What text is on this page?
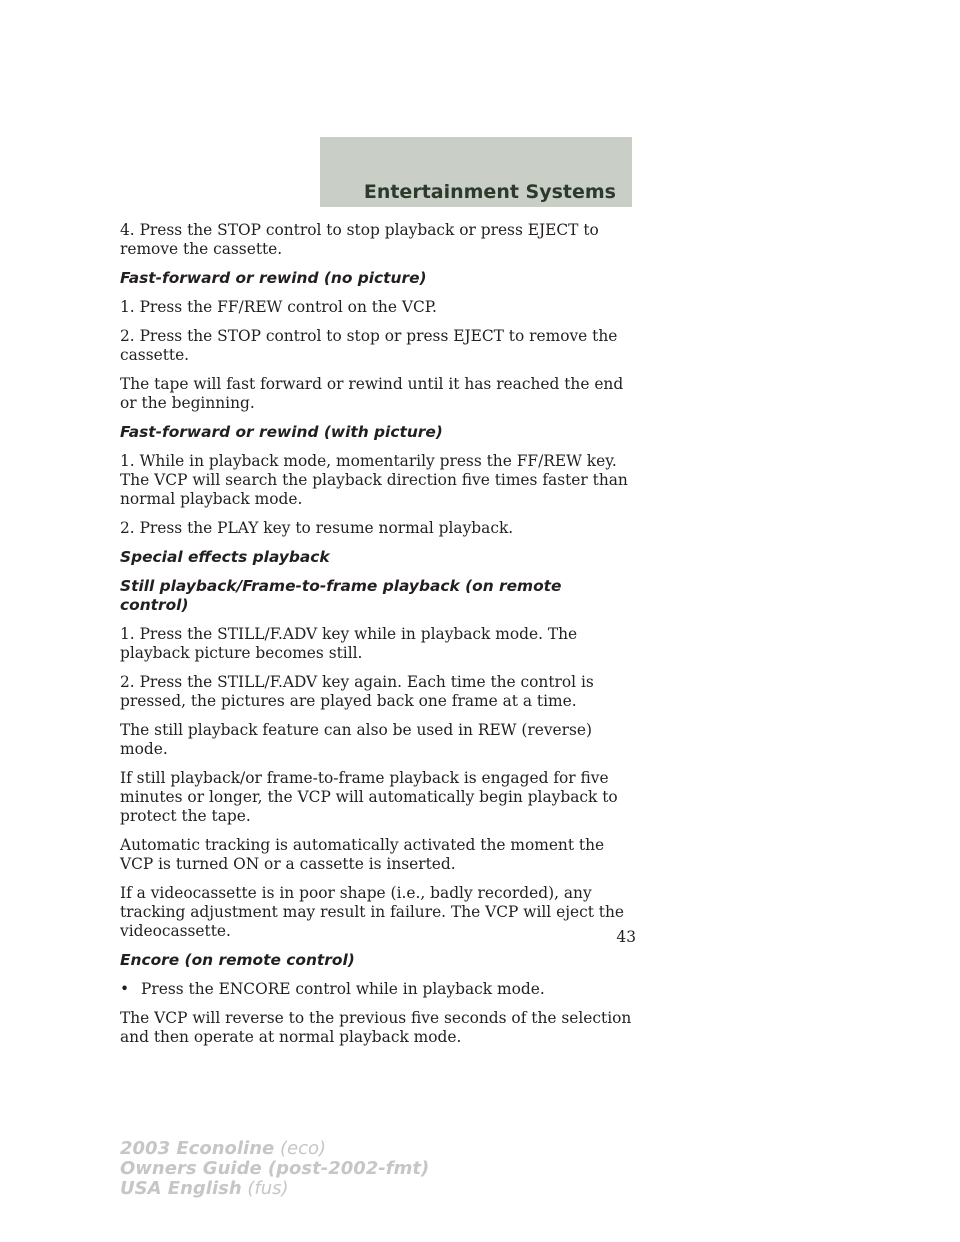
Entertainment Systems

4. Press the STOP control to stop playback or press EJECT to remove the cassette.

Fast-forward or rewind (no picture)

1. Press the FF/REW control on the VCP.

2. Press the STOP control to stop or press EJECT to remove the cassette.

The tape will fast forward or rewind until it has reached the end or the beginning.

Fast-forward or rewind (with picture)

1. While in playback mode, momentarily press the FF/REW key. The VCP will search the playback direction five times faster than normal playback mode.

2. Press the PLAY key to resume normal playback.

Special effects playback
Still playback/Frame-to-frame playback (on remote control)

1. Press the STILL/F.ADV key while in playback mode. The playback picture becomes still.

2. Press the STILL/F.ADV key again. Each time the control is pressed, the pictures are played back one frame at a time.

The still playback feature can also be used in REW (reverse) mode.

If still playback/or frame-to-frame playback is engaged for five minutes or longer, the VCP will automatically begin playback to protect the tape.

Automatic tracking is automatically activated the moment the VCP is turned ON or a cassette is inserted.

If a videocassette is in poor shape (i.e., badly recorded), any tracking adjustment may result in failure. The VCP will eject the videocassette.

Encore (on remote control)
• Press the ENCORE control while in playback mode.

The VCP will reverse to the previous five seconds of the selection and then operate at normal playback mode.

43
2003 Econoline (eco)
Owners Guide (post-2002-fmt)
USA English (fus)
